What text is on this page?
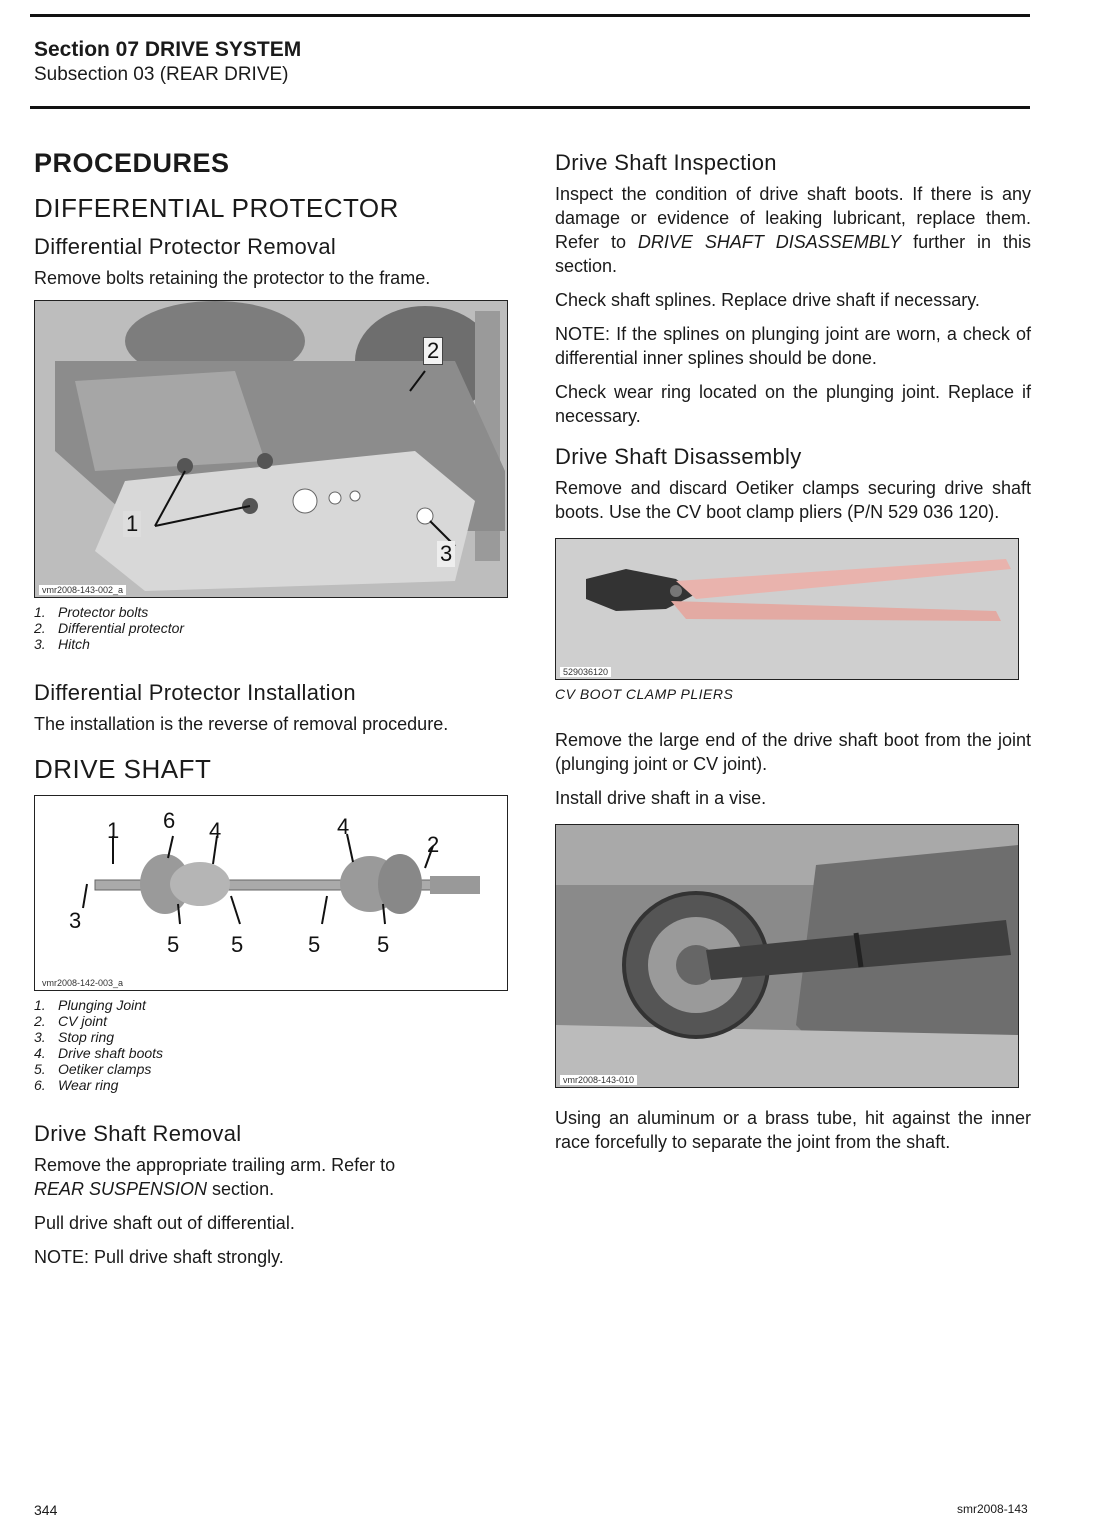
Section 07 DRIVE SYSTEM
Subsection 03 (REAR DRIVE)
PROCEDURES
DIFFERENTIAL PROTECTOR
Differential Protector Removal

Remove bolts retaining the protector to the frame.

1
2
3
vmr2008-143-002_a
1. Protector bolts
2. Differential protector
3. Hitch
Differential Protector Installation

The installation is the reverse of removal procedure.

DRIVE SHAFT
1 6 4	4
2
3
5 5	5	5
vmr2008-142-003_a
1. Plunging Joint
2. CV joint
3. Stop ring
4. Drive shaft boots
5. Oetiker clamps
6. Wear ring
Drive Shaft Removal

Remove the appropriate trailing arm. Refer to
REAR SUSPENSION section.

Pull drive shaft out of differential.

NOTE: Pull drive shaft strongly.

Drive Shaft Inspection

Inspect the condition of drive shaft boots. If there is any damage or evidence of leaking lubricant, replace them. Refer to DRIVE SHAFT DISASSEMBLY further in this section.

Check shaft splines. Replace drive shaft if necessary.

NOTE: If the splines on plunging joint are worn, a check of differential inner splines should be done.

Check wear ring located on the plunging joint. Replace if necessary.

Drive Shaft Disassembly

Remove and discard Oetiker clamps securing drive shaft boots. Use the CV boot clamp pliers (P/N 529 036 120).

529036120
CV BOOT CLAMP PLIERS

Remove the large end of the drive shaft boot from the joint (plunging joint or CV joint).

Install drive shaft in a vise.

vmr2008-143-010

Using an aluminum or a brass tube, hit against the inner race forcefully to separate the joint from the shaft.

344	smr2008-143
